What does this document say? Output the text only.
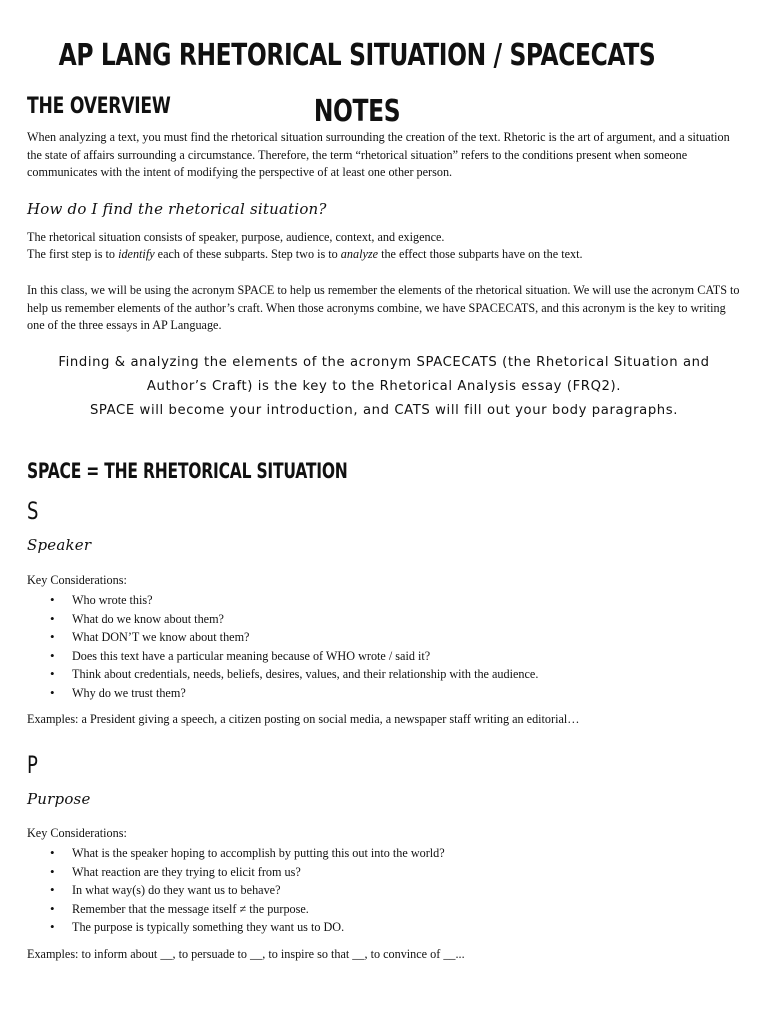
AP LANG RHETORICAL SITUATION / SPACECATS NOTES
THE OVERVIEW

When analyzing a text, you must find the rhetorical situation surrounding the creation of the text. Rhetoric is the art of argument, and a situation the state of affairs surrounding a circumstance. Therefore, the term “rhetorical situation” refers to the conditions present when someone communicates with the intent of modifying the perspective of at least one other person.

How do I find the rhetorical situation?
The rhetorical situation consists of speaker, purpose, audience, context, and exigence.
The first step is to identify each of these subparts. Step two is to analyze the effect those subparts have on the text.

In this class, we will be using the acronym SPACE to help us remember the elements of the rhetorical situation. We will use the acronym CATS to help us remember elements of the author’s craft. When those acronyms combine, we have SPACECATS, and this acronym is the key to writing one of the three essays in AP Language.

Finding & analyzing the elements of the acronym SPACECATS (the Rhetorical Situation and
Author’s Craft) is the key to the Rhetorical Analysis essay (FRQ2).
SPACE will become your introduction, and CATS will fill out your body paragraphs.
SPACE = THE RHETORICAL SITUATION
S
Speaker
Key Considerations:
• Who wrote this?
• What do we know about them?
• What DON’T we know about them?
• Does this text have a particular meaning because of WHO wrote / said it?
• Think about credentials, needs, beliefs, desires, values, and their relationship with the audience.
• Why do we trust them?
Examples: a President giving a speech, a citizen posting on social media, a newspaper staff writing an editorial…
P
Purpose
Key Considerations:
• What is the speaker hoping to accomplish by putting this out into the world?
• What reaction are they trying to elicit from us?
• In what way(s) do they want us to behave?
• Remember that the message itself ≠ the purpose.
• The purpose is typically something they want us to DO.
Examples: to inform about __, to persuade to __, to inspire so that __, to convince of __...
